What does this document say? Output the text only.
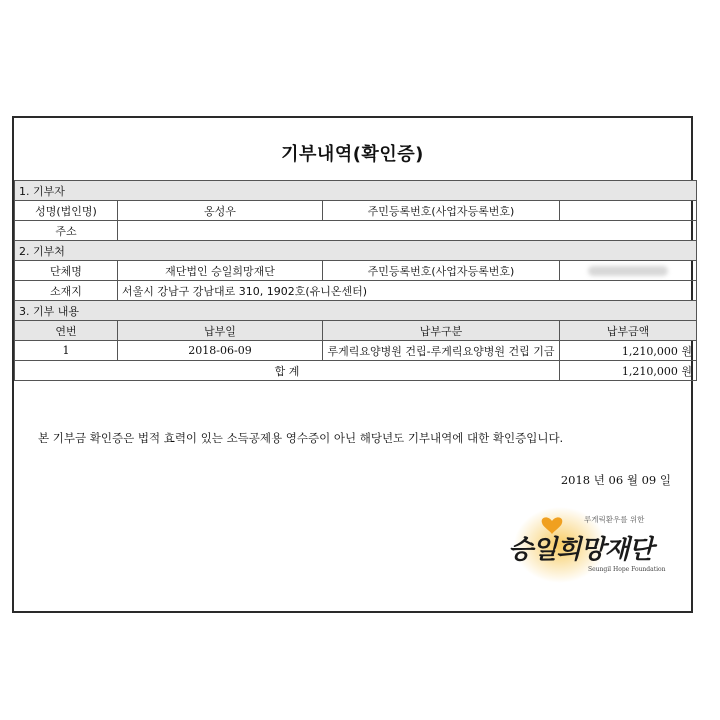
기부내역(확인증)
1. 기부자			
성명(법인명)	옹성우	주민등록번호(사업자등록번호)	
주소			
2. 기부처			
단체명	재단법인 승일희망재단	주민등록번호(사업자등록번호)	
소재지	서울시 강남구 강남대로 310, 1902호(유니온센터)		
3. 기부 내용			
연번	납부일	납부구분	납부금액
1	2018-06-09	루게릭요양병원 건립-루게릭요양병원 건립 기금	1,210,000 원
합 계			1,210,000 원
본 기부금 확인증은 법적 효력이 있는 소득공제용 영수증이 아닌 해당년도 기부내역에 대한 확인증입니다.
2018 년 06 월 09 일
루게릭환우를 위한
승일희망재단
Seungil Hope Foundation
